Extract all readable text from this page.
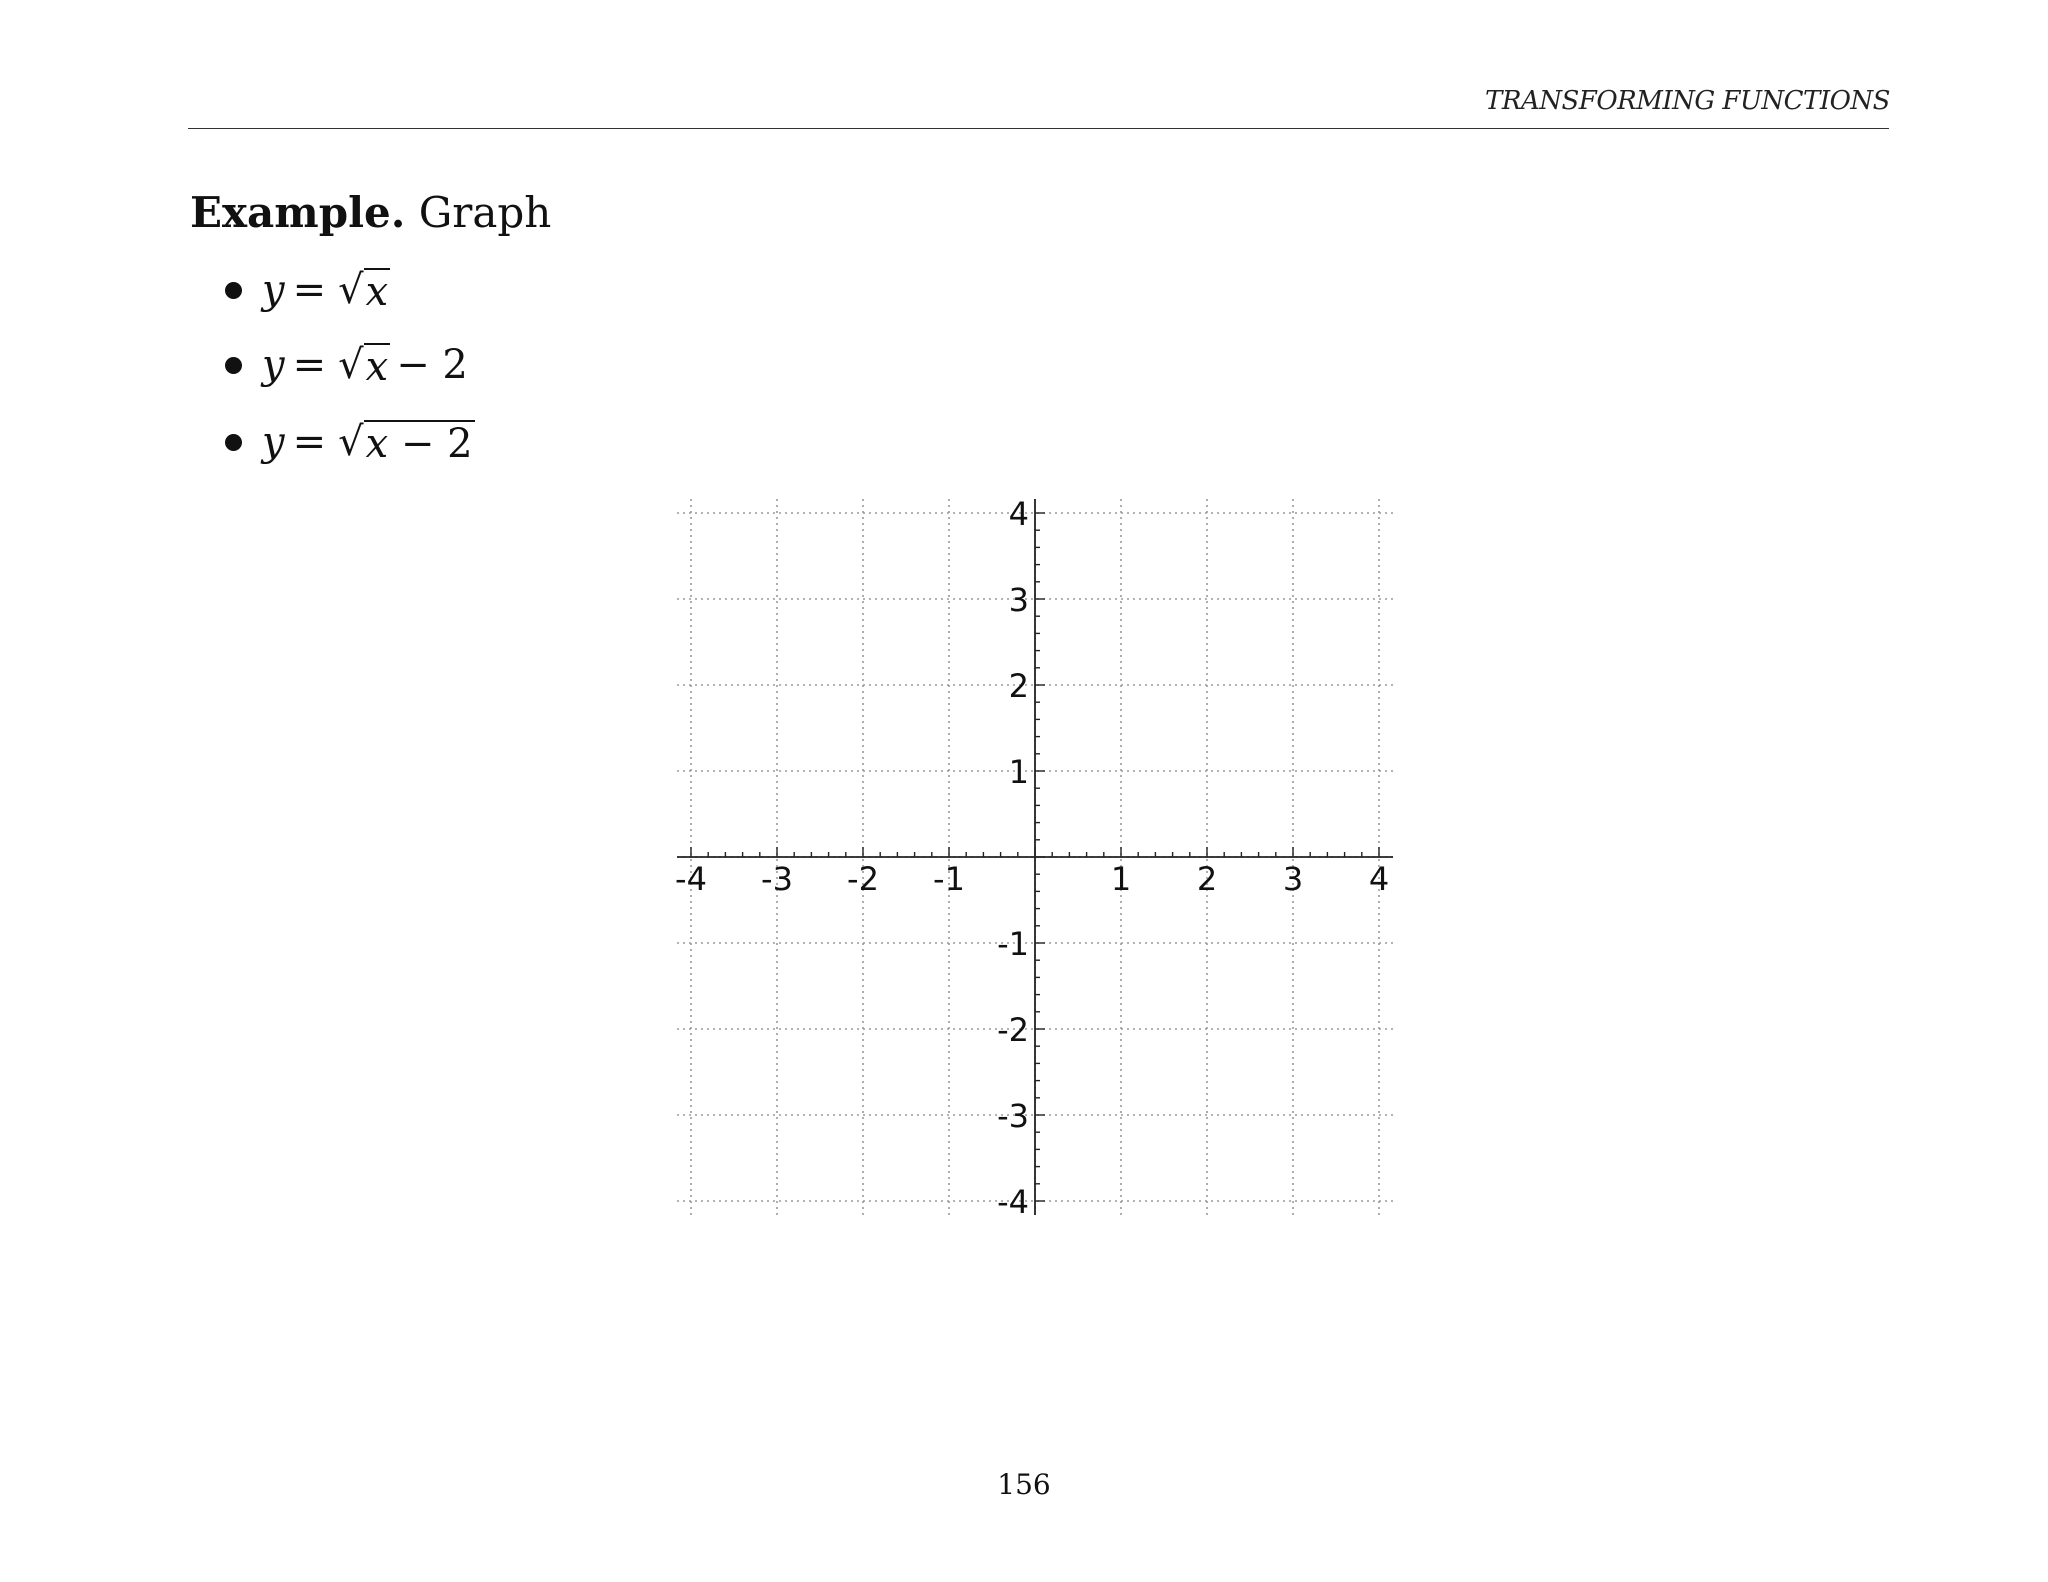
TRANSFORMING FUNCTIONS
Example. Graph
y = √ x
y = √ x − 2
y = √ x − 2
-4 -3 -2 -1	1 2 3 4
-4
-3
-2
-1
1
2
3
4
156
